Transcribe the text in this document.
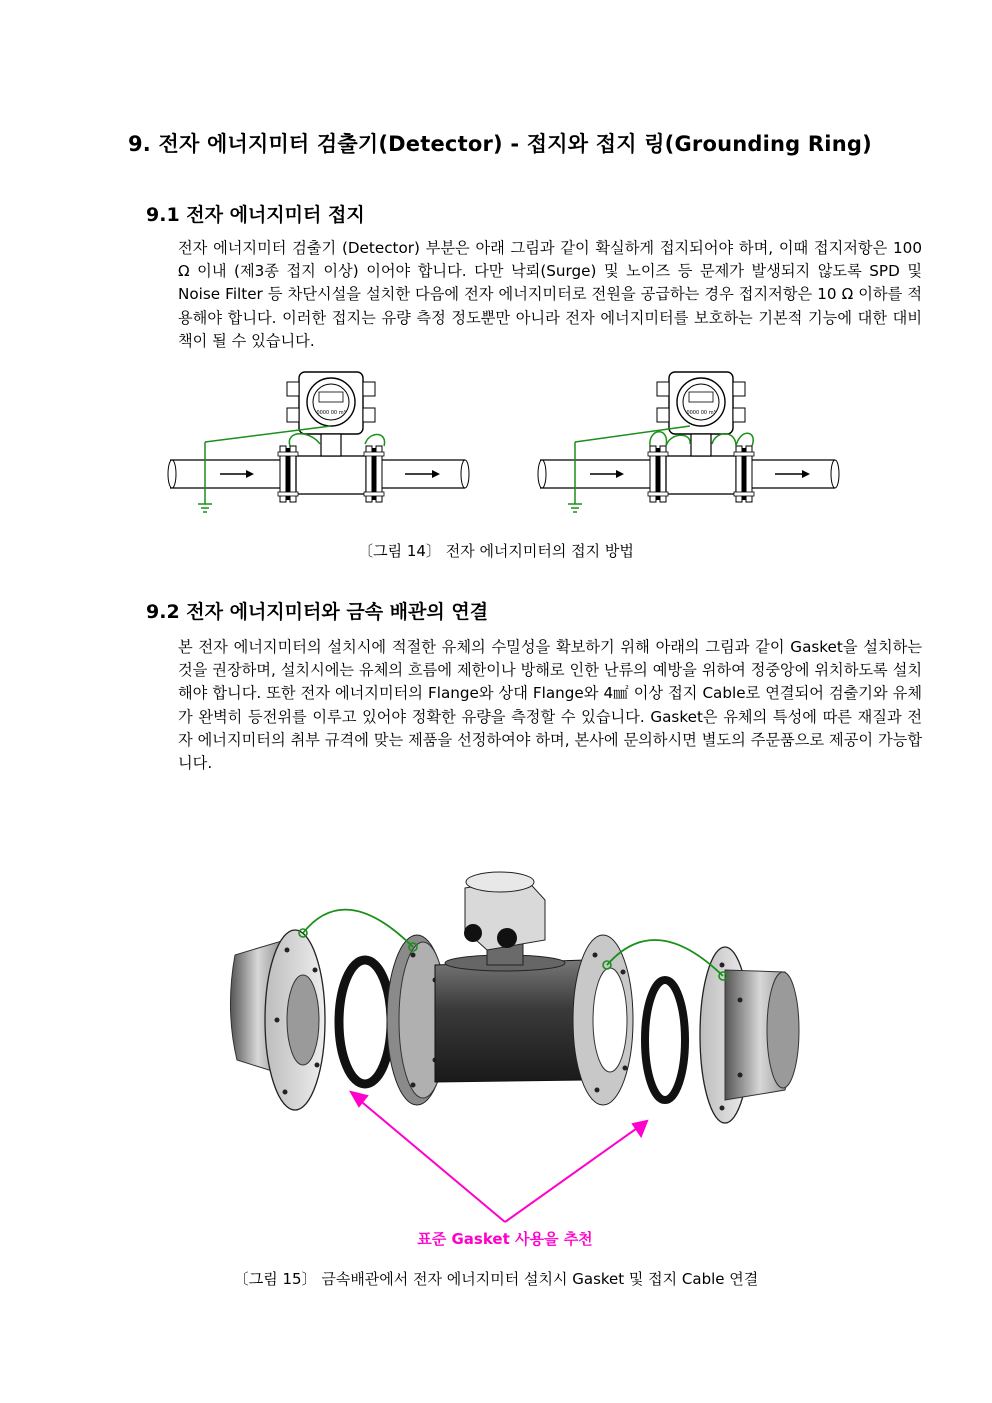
9. 전자 에너지미터 검출기(Detector) - 접지와 접지 링(Grounding Ring)
9.1 전자 에너지미터 접지

전자 에너지미터 검출기 (Detector) 부분은 아래 그림과 같이 확실하게 접지되어야 하며, 이때 접지저항은 100 Ω 이내 (제3종 접지 이상) 이어야 합니다. 다만 낙뢰(Surge) 및 노이즈 등 문제가 발생되지 않도록 SPD 및 Noise Filter 등 차단시설을 설치한 다음에 전자 에너지미터로 전원을 공급하는 경우 접지저항은 10 Ω 이하를 적용해야 합니다. 이러한 접지는 유량 측정 정도뿐만 아니라 전자 에너지미터를 보호하는 기본적 기능에 대한 대비책이 될 수 있습니다.

0000 00 m³
〔그림 14〕 전자 에너지미터의 접지 방법
9.2 전자 에너지미터와 금속 배관의 연결

본 전자 에너지미터의 설치시에 적절한 유체의 수밀성을 확보하기 위해 아래의 그림과 같이 Gasket을 설치하는 것을 권장하며, 설치시에는 유체의 흐름에 제한이나 방해로 인한 난류의 예방을 위하여 정중앙에 위치하도록 설치해야 합니다. 또한 전자 에너지미터의 Flange와 상대 Flange와 4㎟ 이상 접지 Cable로 연결되어 검출기와 유체가 완벽히 등전위를 이루고 있어야 정확한 유량을 측정할 수 있습니다. Gasket은 유체의 특성에 따른 재질과 전자 에너지미터의 취부 규격에 맞는 제품을 선정하여야 하며, 본사에 문의하시면 별도의 주문품으로 제공이 가능합니다.

표준 Gasket 사용을 추천
〔그림 15〕 금속배관에서 전자 에너지미터 설치시 Gasket 및 접지 Cable 연결
